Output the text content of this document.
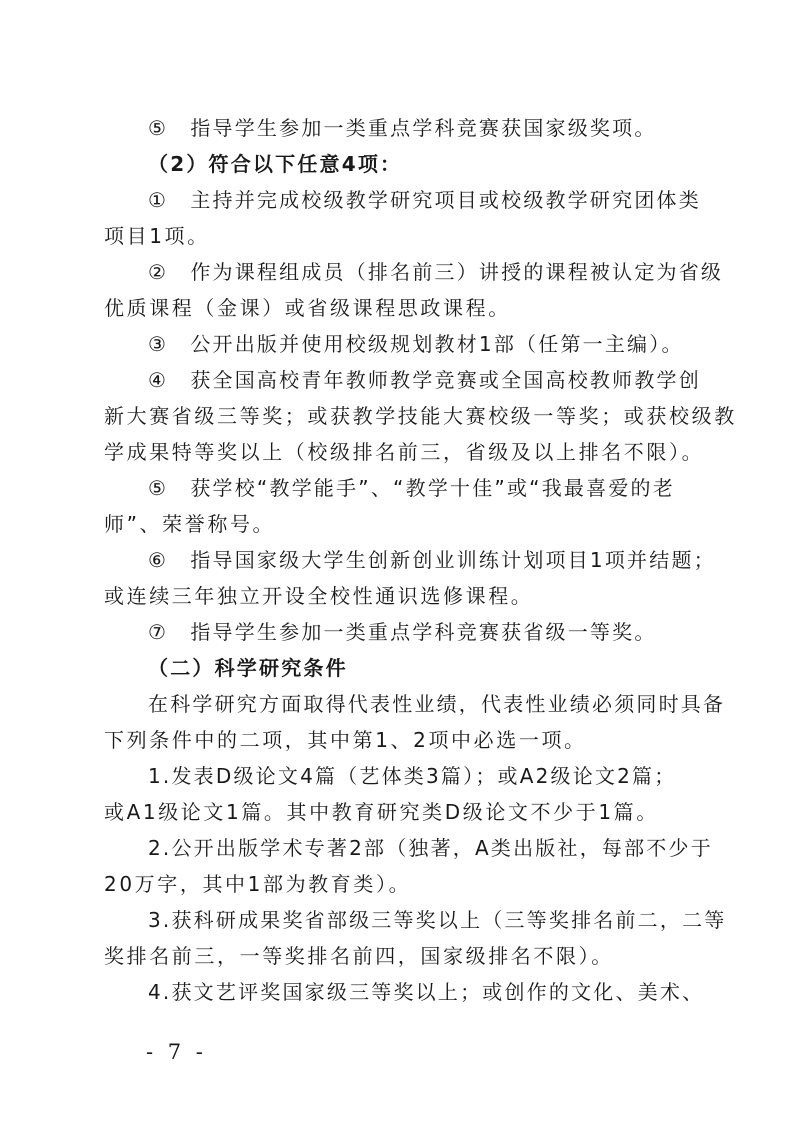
⑤　指导学生参加一类重点学科竞赛获国家级奖项。
（2）符合以下任意4项：
①　主持并完成校级教学研究项目或校级教学研究团体类
项目1项。
②　作为课程组成员（排名前三）讲授的课程被认定为省级
优质课程（金课）或省级课程思政课程。
③　公开出版并使用校级规划教材1部（任第一主编）。
④　获全国高校青年教师教学竞赛或全国高校教师教学创
新大赛省级三等奖；或获教学技能大赛校级一等奖；或获校级教
学成果特等奖以上（校级排名前三，省级及以上排名不限）。
⑤　获学校“教学能手”、“教学十佳”或“我最喜爱的老
师”、荣誉称号。
⑥　指导国家级大学生创新创业训练计划项目1项并结题；
或连续三年独立开设全校性通识选修课程。
⑦　指导学生参加一类重点学科竞赛获省级一等奖。
（二）科学研究条件
在科学研究方面取得代表性业绩，代表性业绩必须同时具备
下列条件中的二项，其中第1、2项中必选一项。
1.发表D级论文4篇（艺体类3篇）；或A2级论文2篇；
或A1级论文1篇。其中教育研究类D级论文不少于1篇。
2.公开出版学术专著2部（独著，A类出版社，每部不少于
20万字，其中1部为教育类）。
3.获科研成果奖省部级三等奖以上（三等奖排名前二，二等
奖排名前三，一等奖排名前四，国家级排名不限）。
4.获文艺评奖国家级三等奖以上；或创作的文化、美术、
- 7 -
